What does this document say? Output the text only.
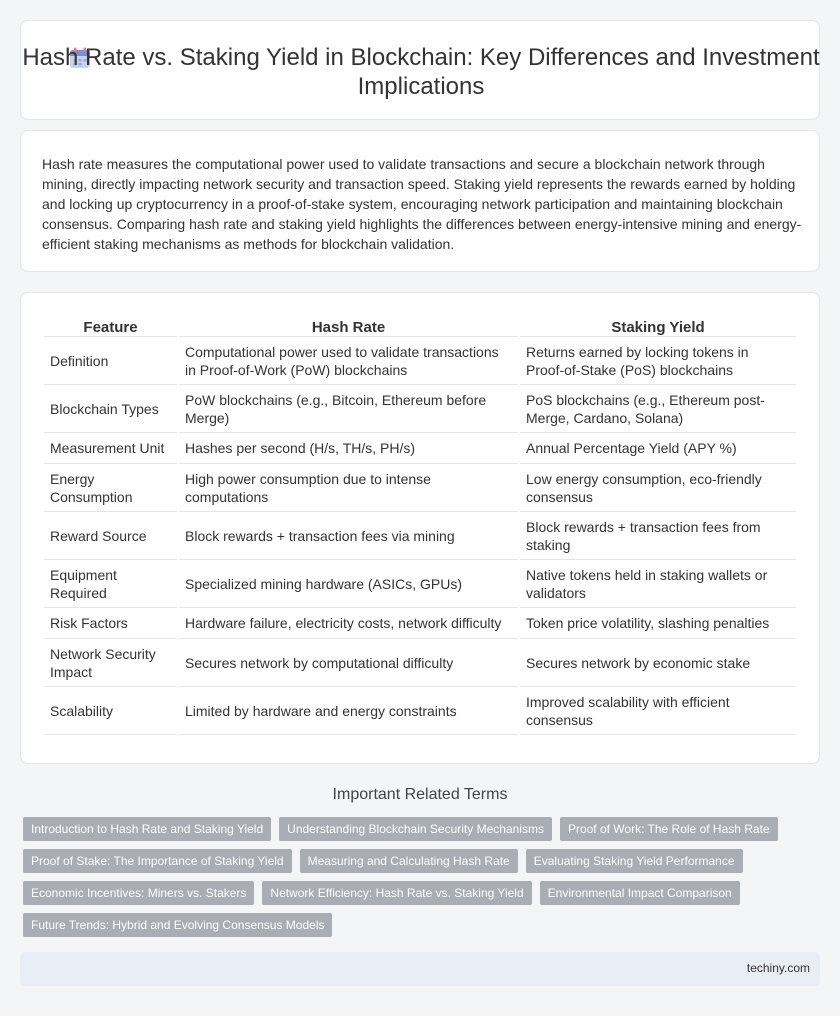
Hash Rate vs. Staking Yield in Blockchain: Key Differences and Investment Implications

Hash rate measures the computational power used to validate transactions and secure a blockchain network through mining, directly impacting network security and transaction speed. Staking yield represents the rewards earned by holding and locking up cryptocurrency in a proof-of-stake system, encouraging network participation and maintaining blockchain consensus. Comparing hash rate and staking yield highlights the differences between energy-intensive mining and energy-efficient staking mechanisms as methods for blockchain validation.

Feature	Hash Rate	Staking Yield
Definition	Computational power used to validate transactions in Proof-of-Work (PoW) blockchains	Returns earned by locking tokens in Proof-of-Stake (PoS) blockchains
Blockchain Types	PoW blockchains (e.g., Bitcoin, Ethereum before Merge)	PoS blockchains (e.g., Ethereum post-Merge, Cardano, Solana)
Measurement Unit	Hashes per second (H/s, TH/s, PH/s)	Annual Percentage Yield (APY %)
Energy Consumption	High power consumption due to intense computations	Low energy consumption, eco-friendly consensus
Reward Source	Block rewards + transaction fees via mining	Block rewards + transaction fees from staking
Equipment Required	Specialized mining hardware (ASICs, GPUs)	Native tokens held in staking wallets or validators
Risk Factors	Hardware failure, electricity costs, network difficulty	Token price volatility, slashing penalties
Network Security Impact	Secures network by computational difficulty	Secures network by economic stake
Scalability	Limited by hardware and energy constraints	Improved scalability with efficient consensus
Important Related Terms
Introduction to Hash Rate and Staking Yield	Understanding Blockchain Security Mechanisms	Proof of Work: The Role of Hash Rate
Proof of Stake: The Importance of Staking Yield	Measuring and Calculating Hash Rate	Evaluating Staking Yield Performance
Economic Incentives: Miners vs. Stakers	Network Efficiency: Hash Rate vs. Staking Yield	Environmental Impact Comparison
Future Trends: Hybrid and Evolving Consensus Models
techiny.com
